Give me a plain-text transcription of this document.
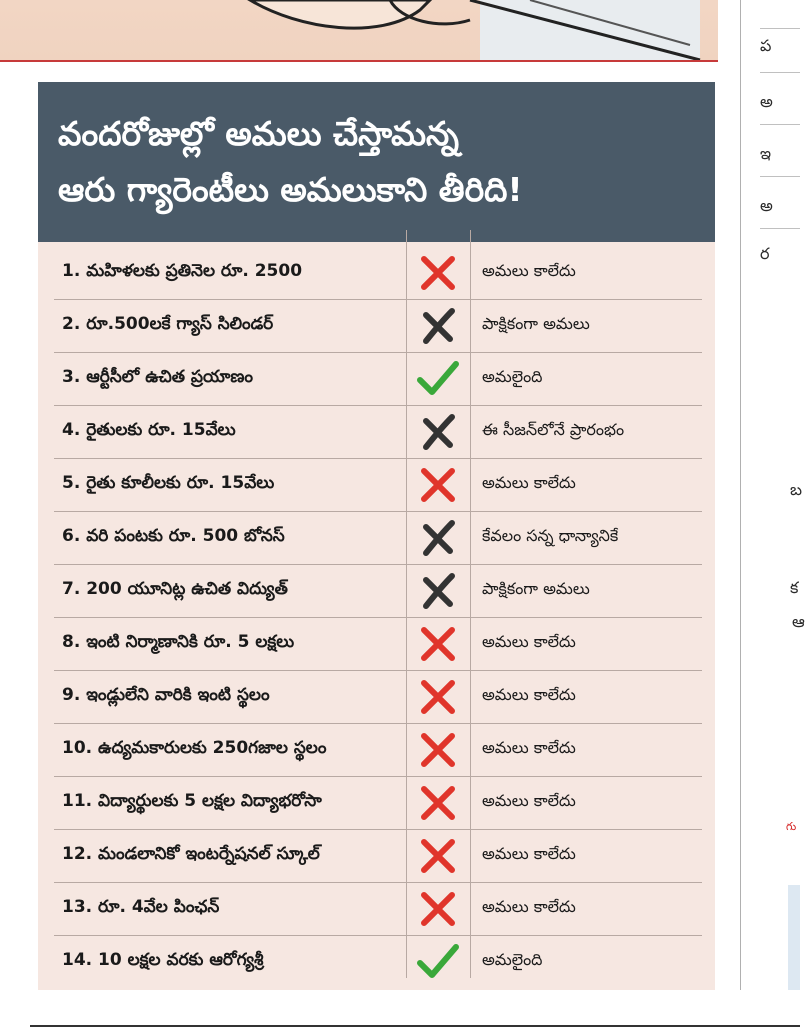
వందరోజుల్లో అమలు చేస్తామన్న
ఆరు గ్యారెంటీలు అమలుకాని తీరిది!
1. మహిళలకు ప్రతినెల రూ. 2500	అమలు కాలేదు
2. రూ.500లకే గ్యాస్ సిలిండర్	పాక్షికంగా అమలు
3. ఆర్టీసీలో ఉచిత ప్రయాణం	అమలైంది
4. రైతులకు రూ. 15వేలు	ఈ సీజన్‌లోనే ప్రారంభం
5. రైతు కూలీలకు రూ. 15వేలు	అమలు కాలేదు
6. వరి పంటకు రూ. 500 బోనస్	కేవలం సన్న ధాన్యానికే
7. 200 యూనిట్ల ఉచిత విద్యుత్	పాక్షికంగా అమలు
8. ఇంటి నిర్మాణానికి రూ. 5 లక్షలు	అమలు కాలేదు
9. ఇండ్లులేని వారికి ఇంటి స్థలం	అమలు కాలేదు
10. ఉద్యమకారులకు 250గజాల స్థలం	అమలు కాలేదు
11. విద్యార్థులకు 5 లక్షల విద్యాభరోసా	అమలు కాలేదు
12. మండలానికో ఇంటర్నేషనల్ స్కూల్	అమలు కాలేదు
13. రూ. 4వేల పింఛన్	అమలు కాలేదు
14. 10 లక్షల వరకు ఆరోగ్యశ్రీ	అమలైంది
ప
అ
ఇ
అ
ర
బ
క
ఆ
గు
